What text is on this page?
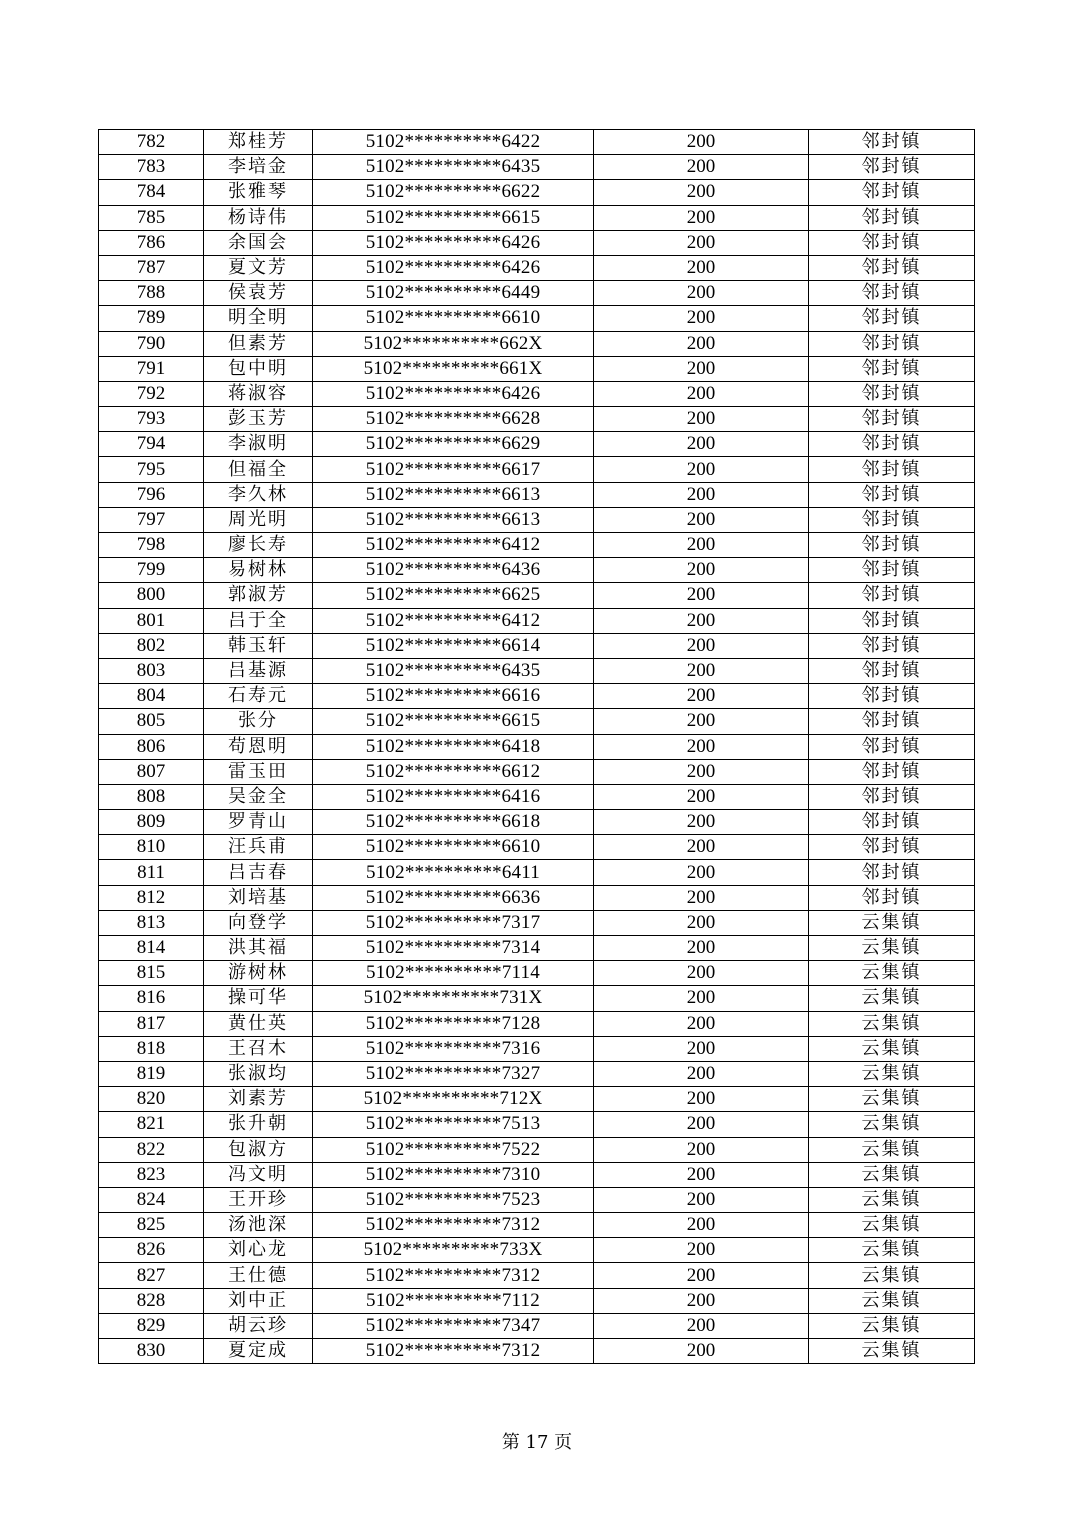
782	郑桂芳	5102**********6422	200	邻封镇
783	李培金	5102**********6435	200	邻封镇
784	张雅琴	5102**********6622	200	邻封镇
785	杨诗伟	5102**********6615	200	邻封镇
786	余国会	5102**********6426	200	邻封镇
787	夏文芳	5102**********6426	200	邻封镇
788	侯袁芳	5102**********6449	200	邻封镇
789	明全明	5102**********6610	200	邻封镇
790	但素芳	5102**********662X	200	邻封镇
791	包中明	5102**********661X	200	邻封镇
792	蒋淑容	5102**********6426	200	邻封镇
793	彭玉芳	5102**********6628	200	邻封镇
794	李淑明	5102**********6629	200	邻封镇
795	但福全	5102**********6617	200	邻封镇
796	李久林	5102**********6613	200	邻封镇
797	周光明	5102**********6613	200	邻封镇
798	廖长寿	5102**********6412	200	邻封镇
799	易树林	5102**********6436	200	邻封镇
800	郭淑芳	5102**********6625	200	邻封镇
801	吕于全	5102**********6412	200	邻封镇
802	韩玉轩	5102**********6614	200	邻封镇
803	吕基源	5102**********6435	200	邻封镇
804	石寿元	5102**********6616	200	邻封镇
805	张分	5102**********6615	200	邻封镇
806	苟恩明	5102**********6418	200	邻封镇
807	雷玉田	5102**********6612	200	邻封镇
808	吴金全	5102**********6416	200	邻封镇
809	罗青山	5102**********6618	200	邻封镇
810	汪兵甫	5102**********6610	200	邻封镇
811	吕吉春	5102**********6411	200	邻封镇
812	刘培基	5102**********6636	200	邻封镇
813	向登学	5102**********7317	200	云集镇
814	洪其福	5102**********7314	200	云集镇
815	游树林	5102**********7114	200	云集镇
816	操可华	5102**********731X	200	云集镇
817	黄仕英	5102**********7128	200	云集镇
818	王召木	5102**********7316	200	云集镇
819	张淑均	5102**********7327	200	云集镇
820	刘素芳	5102**********712X	200	云集镇
821	张升朝	5102**********7513	200	云集镇
822	包淑方	5102**********7522	200	云集镇
823	冯文明	5102**********7310	200	云集镇
824	王开珍	5102**********7523	200	云集镇
825	汤池深	5102**********7312	200	云集镇
826	刘心龙	5102**********733X	200	云集镇
827	王仕德	5102**********7312	200	云集镇
828	刘中正	5102**********7112	200	云集镇
829	胡云珍	5102**********7347	200	云集镇
830	夏定成	5102**********7312	200	云集镇
第 17 页
